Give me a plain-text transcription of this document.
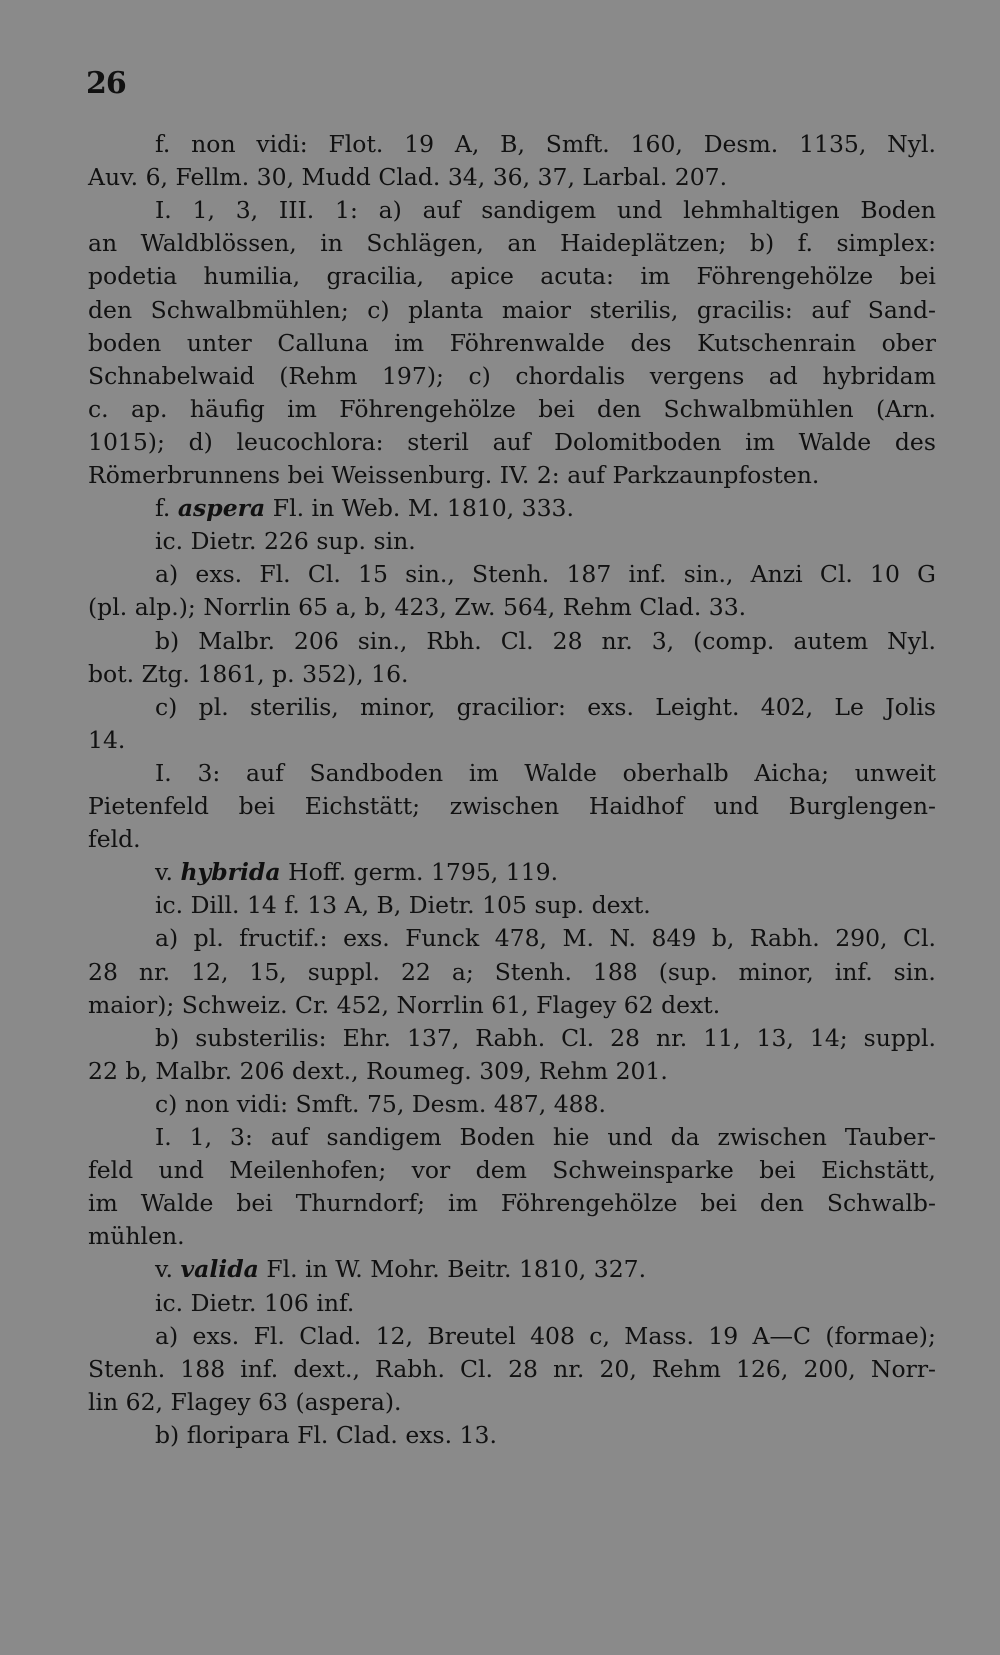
26
f. non vidi: Flot. 19 A, B, Smft. 160, Desm. 1135, Nyl.
Auv. 6, Fellm. 30, Mudd Clad. 34, 36, 37, Larbal. 207.
I. 1, 3, III. 1: a) auf sandigem und lehmhaltigen Boden
an Waldblössen, in Schlägen, an Haideplätzen; b) f. simplex:
podetia humilia, gracilia, apice acuta: im Föhrengehölze bei
den Schwalbmühlen; c) planta maior sterilis, gracilis: auf Sand-
boden unter Calluna im Föhrenwalde des Kutschenrain ober
Schnabelwaid (Rehm 197); c) chordalis vergens ad hybridam
c. ap. häufig im Föhrengehölze bei den Schwalbmühlen (Arn.
1015); d) leucochlora: steril auf Dolomitboden im Walde des
Römerbrunnens bei Weissenburg. IV. 2: auf Parkzaunpfosten.
f. aspera Fl. in Web. M. 1810, 333.
ic. Dietr. 226 sup. sin.
a) exs. Fl. Cl. 15 sin., Stenh. 187 inf. sin., Anzi Cl. 10 G
(pl. alp.); Norrlin 65 a, b, 423, Zw. 564, Rehm Clad. 33.
b) Malbr. 206 sin., Rbh. Cl. 28 nr. 3, (comp. autem Nyl.
bot. Ztg. 1861, p. 352), 16.
c) pl. sterilis, minor, gracilior: exs. Leight. 402, Le Jolis
14.
I. 3: auf Sandboden im Walde oberhalb Aicha; unweit
Pietenfeld bei Eichstätt; zwischen Haidhof und Burglengen-
feld.
v. hybrida Hoff. germ. 1795, 119.
ic. Dill. 14 f. 13 A, B, Dietr. 105 sup. dext.
a) pl. fructif.: exs. Funck 478, M. N. 849 b, Rabh. 290, Cl.
28 nr. 12, 15, suppl. 22 a; Stenh. 188 (sup. minor, inf. sin.
maior); Schweiz. Cr. 452, Norrlin 61, Flagey 62 dext.
b) substerilis: Ehr. 137, Rabh. Cl. 28 nr. 11, 13, 14; suppl.
22 b, Malbr. 206 dext., Roumeg. 309, Rehm 201.
c) non vidi: Smft. 75, Desm. 487, 488.
I. 1, 3: auf sandigem Boden hie und da zwischen Tauber-
feld und Meilenhofen; vor dem Schweinsparke bei Eichstätt,
im Walde bei Thurndorf; im Föhrengehölze bei den Schwalb-
mühlen.
v. valida Fl. in W. Mohr. Beitr. 1810, 327.
ic. Dietr. 106 inf.
a) exs. Fl. Clad. 12, Breutel 408 c, Mass. 19 A—C (formae);
Stenh. 188 inf. dext., Rabh. Cl. 28 nr. 20, Rehm 126, 200, Norr-
lin 62, Flagey 63 (aspera).
b) floripara Fl. Clad. exs. 13.
